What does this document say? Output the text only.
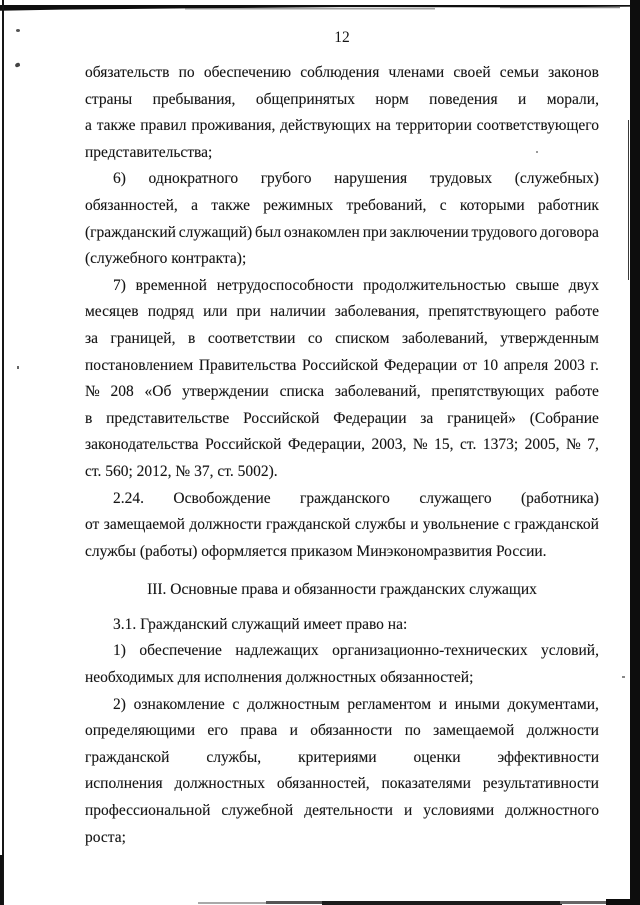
12
обязательств по обеспечению соблюдения членами своей семьи законов
страны пребывания, общепринятых норм поведения и морали,
а также правил проживания, действующих на территории соответствующего
представительства;
6) однократного грубого нарушения трудовых (служебных)
обязанностей, а также режимных требований, с которыми работник
(гражданский служащий) был ознакомлен при заключении трудового договора
(служебного контракта);
7) временной нетрудоспособности продолжительностью свыше двух
месяцев подряд или при наличии заболевания, препятствующего работе
за границей, в соответствии со списком заболеваний, утвержденным
постановлением Правительства Российской Федерации от 10 апреля 2003 г.
№ 208 «Об утверждении списка заболеваний, препятствующих работе
в представительстве Российской Федерации за границей» (Собрание
законодательства Российской Федерации, 2003, № 15, ст. 1373; 2005, № 7,
ст. 560; 2012, № 37, ст. 5002).
2.24. Освобождение гражданского служащего (работника)
от замещаемой должности гражданской службы и увольнение с гражданской
службы (работы) оформляется приказом Минэкономразвития России.
III. Основные права и обязанности гражданских служащих
3.1. Гражданский служащий имеет право на:
1) обеспечение надлежащих организационно-технических условий,
необходимых для исполнения должностных обязанностей;
2) ознакомление с должностным регламентом и иными документами,
определяющими его права и обязанности по замещаемой должности
гражданской службы, критериями оценки эффективности
исполнения должностных обязанностей, показателями результативности
профессиональной служебной деятельности и условиями должностного
роста;
